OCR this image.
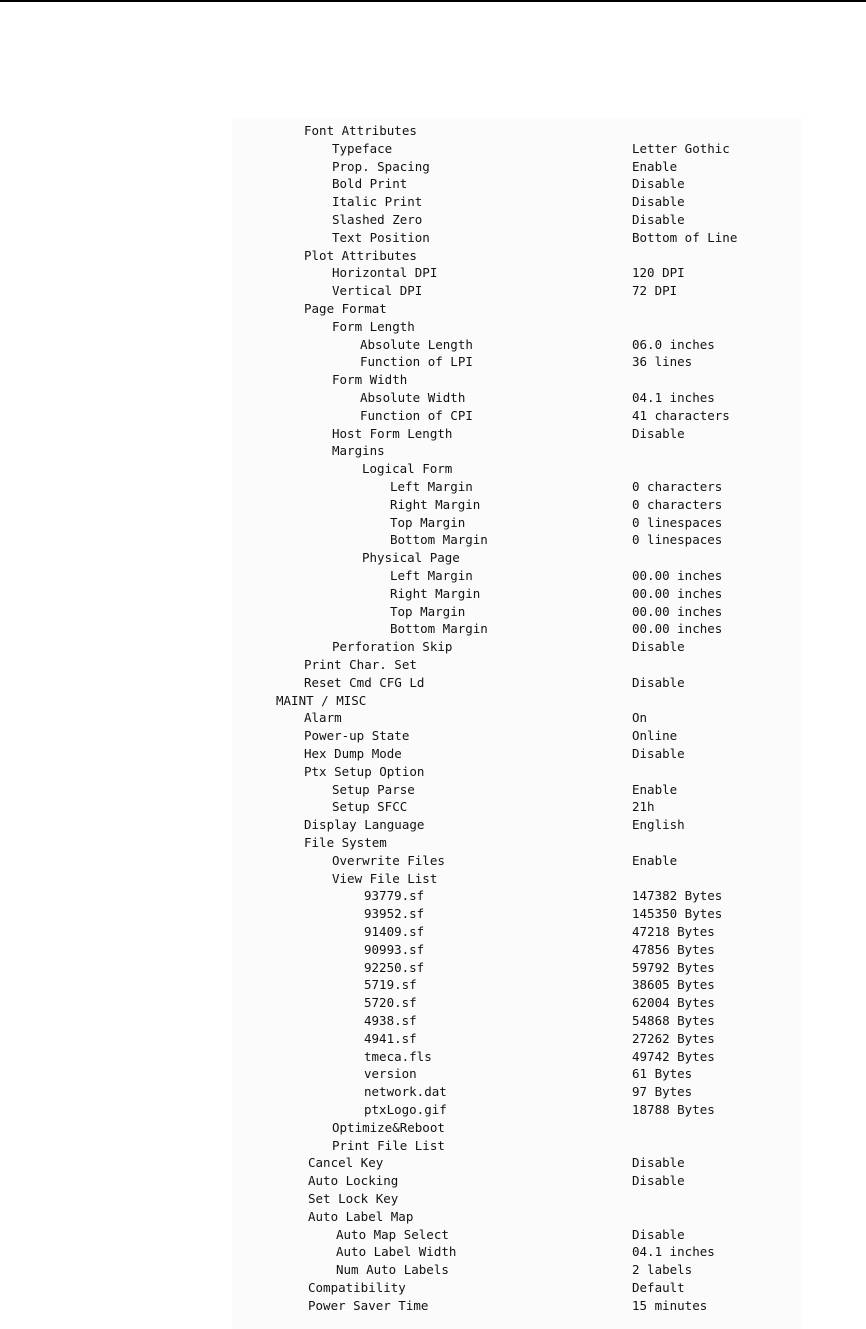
Font Attributes
Typeface	Letter Gothic
Prop. Spacing	Enable
Bold Print	Disable
Italic Print	Disable
Slashed Zero	Disable
Text Position	Bottom of Line
Plot Attributes
Horizontal DPI	120 DPI
Vertical DPI	72 DPI
Page Format
Form Length
Absolute Length	06.0 inches
Function of LPI	36 lines
Form Width
Absolute Width	04.1 inches
Function of CPI	41 characters
Host Form Length	Disable
Margins
Logical Form
Left Margin	0 characters
Right Margin	0 characters
Top Margin	0 linespaces
Bottom Margin	0 linespaces
Physical Page
Left Margin	00.00 inches
Right Margin	00.00 inches
Top Margin	00.00 inches
Bottom Margin	00.00 inches
Perforation Skip	Disable
Print Char. Set
Reset Cmd CFG Ld	Disable
MAINT / MISC
Alarm	On
Power-up State	Online
Hex Dump Mode	Disable
Ptx Setup Option
Setup Parse	Enable
Setup SFCC	21h
Display Language	English
File System
Overwrite Files	Enable
View File List
93779.sf	147382 Bytes
93952.sf	145350 Bytes
91409.sf	47218 Bytes
90993.sf	47856 Bytes
92250.sf	59792 Bytes
5719.sf	38605 Bytes
5720.sf	62004 Bytes
4938.sf	54868 Bytes
4941.sf	27262 Bytes
tmeca.fls	49742 Bytes
version	61 Bytes
network.dat	97 Bytes
ptxLogo.gif	18788 Bytes
Optimize&Reboot
Print File List
Cancel Key	Disable
Auto Locking	Disable
Set Lock Key
Auto Label Map
Auto Map Select	Disable
Auto Label Width	04.1 inches
Num Auto Labels	2 labels
Compatibility	Default
Power Saver Time	15 minutes
